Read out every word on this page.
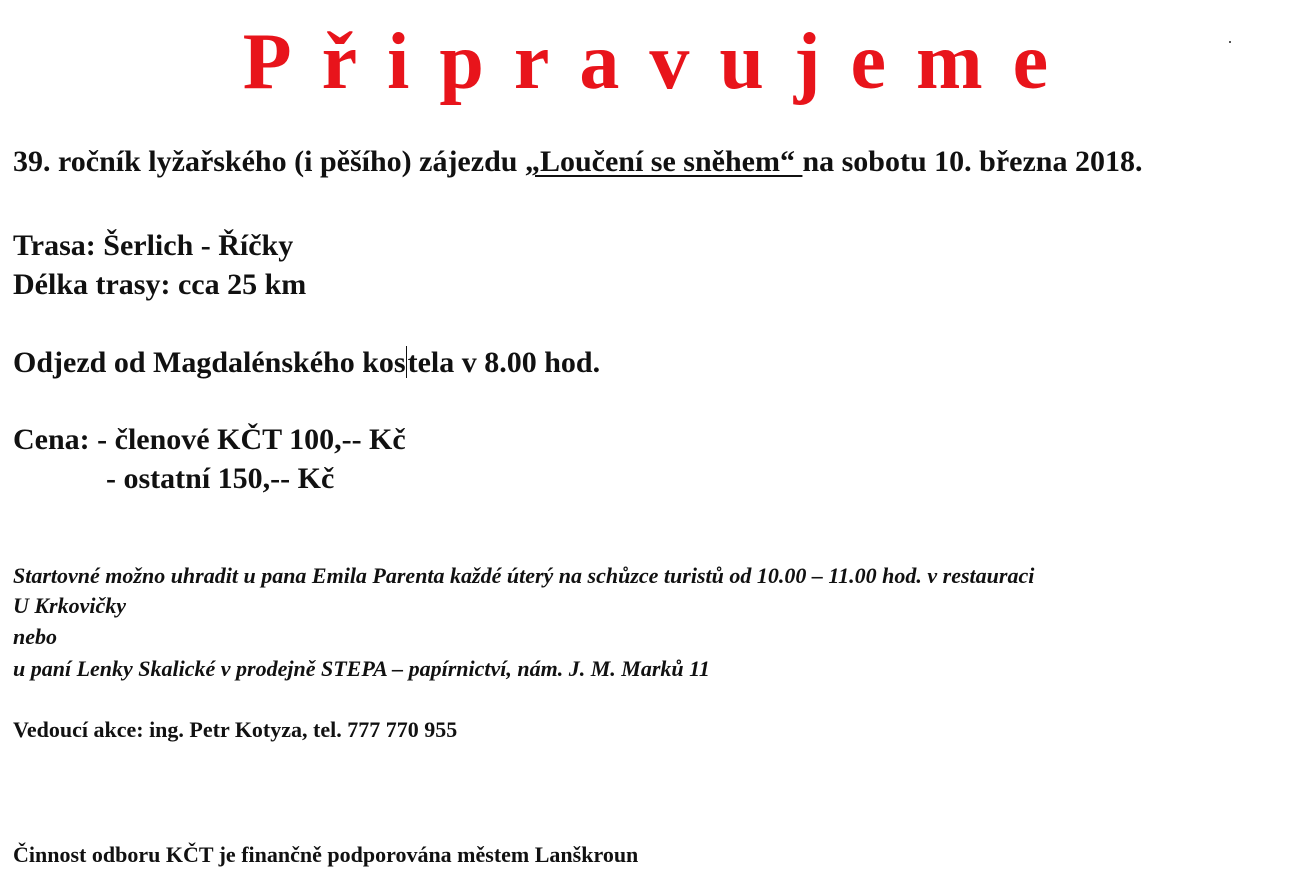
Připravujeme
39. ročník lyžařského (i pěšího) zájezdu „Loučení se sněhem“ na sobotu 10. března 2018.
Trasa: Šerlich - Říčky
Délka trasy: cca 25 km
Odjezd od Magdalénského kostela v 8.00 hod.
Cena: - členové KČT 100,-- Kč
- ostatní 150,-- Kč
Startovné možno uhradit u pana Emila Parenta každé úterý na schůzce turistů od 10.00 – 11.00 hod. v restauraci
U Krkovičky
nebo
u paní Lenky Skalické v prodejně STEPA – papírnictví, nám. J. M. Marků 11
Vedoucí akce: ing. Petr Kotyza, tel. 777 770 955
Činnost odboru KČT je finančně podporována městem Lanškroun
